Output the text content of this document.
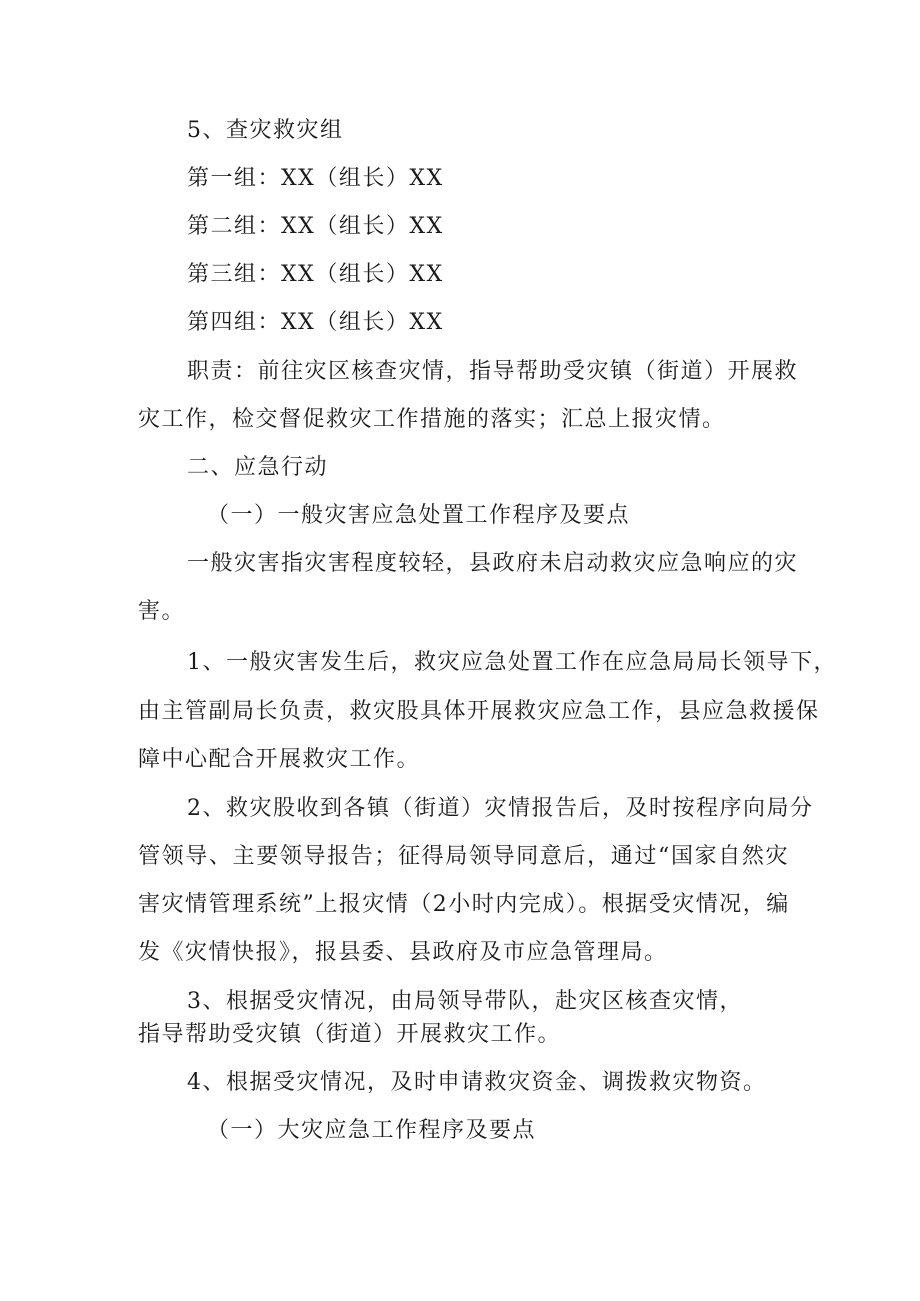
5、查灾救灾组

第一组：XX（组长）XX

第二组：XX（组长）XX

第三组：XX（组长）XX

第四组：XX（组长）XX

职责：前往灾区核查灾情，指导帮助受灾镇（街道）开展救

灾工作，检交督促救灾工作措施的落实；汇总上报灾情。

二、应急行动

（一）一般灾害应急处置工作程序及要点

一般灾害指灾害程度较轻，县政府未启动救灾应急响应的灾

害。

1、一般灾害发生后，救灾应急处置工作在应急局局长领导下，

由主管副局长负责，救灾股具体开展救灾应急工作，县应急救援保

障中心配合开展救灾工作。

2、救灾股收到各镇（街道）灾情报告后，及时按程序向局分

管领导、主要领导报告；征得局领导同意后，通过“国家自然灾

害灾情管理系统”上报灾情（2小时内完成）。根据受灾情况，编

发《灾情快报》，报县委、县政府及市应急管理局。

3、根据受灾情况，由局领导带队，赴灾区核查灾情，

指导帮助受灾镇（街道）开展救灾工作。

4、根据受灾情况，及时申请救灾资金、调拨救灾物资。

（一）大灾应急工作程序及要点
